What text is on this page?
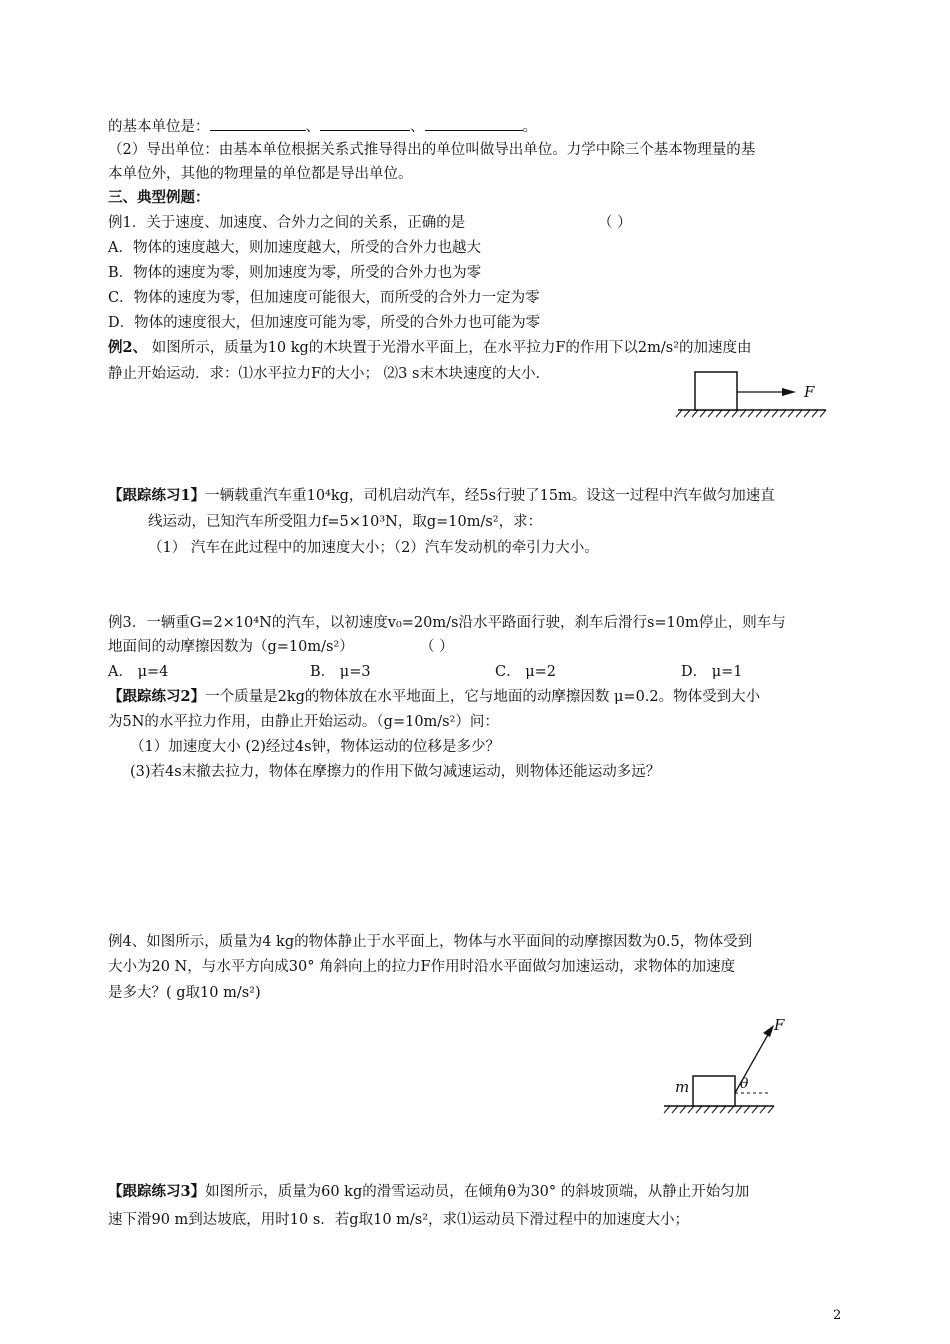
的基本单位是：	、	、	。
（2）导出单位：由基本单位根据关系式推导得出的单位叫做导出单位。力学中除三个基本物理量的基
本单位外，其他的物理量的单位都是导出单位。
三、典型例题：
例1．关于速度、加速度、合外力之间的关系，正确的是	（ ）
A．物体的速度越大，则加速度越大，所受的合外力也越大
B．物体的速度为零，则加速度为零，所受的合外力也为零
C．物体的速度为零，但加速度可能很大，而所受的合外力一定为零
D．物体的速度很大，但加速度可能为零，所受的合外力也可能为零
例2、 如图所示，质量为10 kg的木块置于光滑水平面上，在水平拉力F的作用下以2m/s²的加速度由
静止开始运动．求：⑴水平拉力F的大小； ⑵3 s末木块速度的大小．
F
【跟踪练习1】一辆载重汽车重10⁴kg，司机启动汽车，经5s行驶了15m。设这一过程中汽车做匀加速直
线运动，已知汽车所受阻力f=5×10³N，取g=10m/s²，求：
（1） 汽车在此过程中的加速度大小；（2）汽车发动机的牵引力大小。
例3．一辆重G=2×10⁴N的汽车，以初速度v₀=20m/s沿水平路面行驶，刹车后滑行s=10m停止，则车与
地面间的动摩擦因数为（g=10m/s²）	（ ）
A． μ=4	B． μ=3	C． μ=2	D． μ=1
【跟踪练习2】一个质量是2kg的物体放在水平地面上，它与地面的动摩擦因数 μ=0.2。物体受到大小
为5N的水平拉力作用，由静止开始运动。（g=10m/s²）问：
（1）加速度大小 (2)经过4s钟，物体运动的位移是多少？
(3)若4s末撤去拉力，物体在摩擦力的作用下做匀减速运动，则物体还能运动多远？
例4、如图所示，质量为4 kg的物体静止于水平面上，物体与水平面间的动摩擦因数为0.5，物体受到
大小为20 N，与水平方向成30° 角斜向上的拉力F作用时沿水平面做匀加速运动，求物体的加速度
是多大？( g取10 m/s²)
m
F
θ
【跟踪练习3】如图所示，质量为60 kg的滑雪运动员，在倾角θ为30° 的斜坡顶端，从静止开始匀加
速下滑90 m到达坡底，用时10 s．若g取10 m/s²，求⑴运动员下滑过程中的加速度大小；
2
